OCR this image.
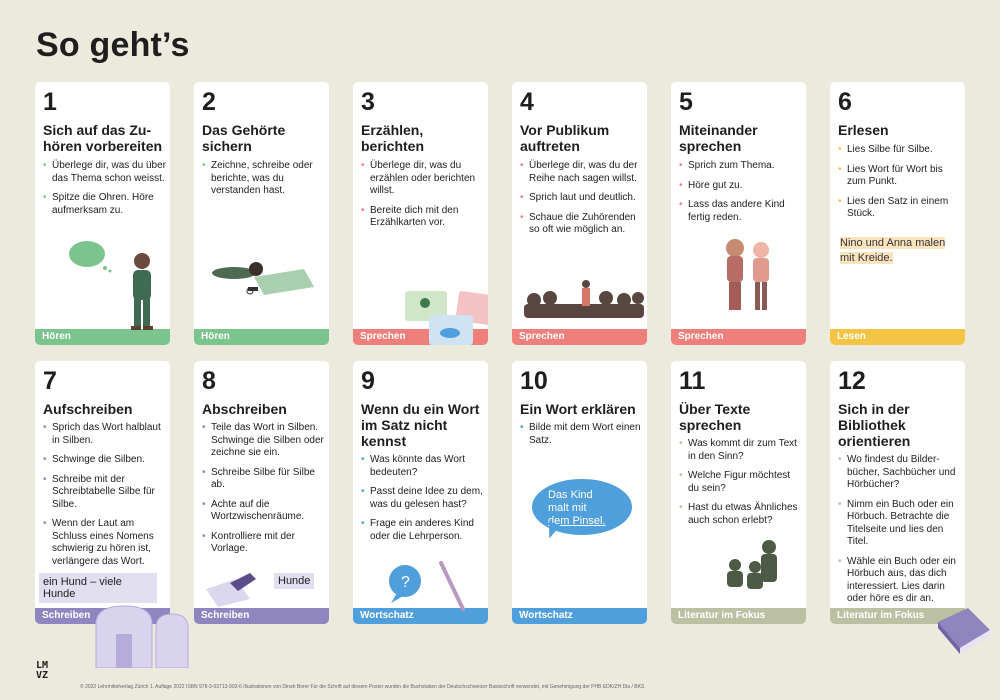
So geht’s
1
Sich auf das Zu-hören vorbereiten
• Überlege dir, was du über das Thema schon weisst.
• Spitze die Ohren. Höre aufmerksam zu.
Hören
2
Das Gehörte sichern
• Zeichne, schreibe oder berichte, was du verstanden hast.
Hören
3
Erzählen, berichten
• Überlege dir, was du erzählen oder berichten willst.
• Bereite dich mit den Erzählkarten vor.
Sprechen
4
Vor Publikum auftreten
• Überlege dir, was du der Reihe nach sagen willst.
• Sprich laut und deutlich.
• Schaue die Zuhörenden so oft wie möglich an.
Sprechen
5
Miteinander sprechen
• Sprich zum Thema.
• Höre gut zu.
• Lass das andere Kind fertig reden.
Sprechen
6
Erlesen
• Lies Silbe für Silbe.
• Lies Wort für Wort bis zum Punkt.
• Lies den Satz in einem Stück.
Lesen
Nino und Anna malen
mit Kreide.
7
Aufschreiben
• Sprich das Wort halblaut in Silben.
• Schwinge die Silben.
• Schreibe mit der Schreibtabelle Silbe für Silbe.
• Wenn der Laut am Schluss eines Nomens schwierig zu hören ist, verlängere das Wort.
Schreiben
ein Hund – viele Hunde
8
Abschreiben
• Teile das Wort in Silben. Schwinge die Silben oder zeichne sie ein.
• Schreibe Silbe für Silbe ab.
• Achte auf die Wortzwischenräume.
• Kontrolliere mit der Vorlage.
Schreiben
Hunde
9
Wenn du ein Wort im Satz nicht kennst
• Was könnte das Wort bedeuten?
• Passt deine Idee zu dem, was du gelesen hast?
• Frage ein anderes Kind oder die Lehrperson.
Wortschatz
?
10
Ein Wort erklären
• Bilde mit dem Wort einen Satz.
Wortschatz
Das Kind
malt mit
dem Pinsel.
11
Über Texte sprechen
• Was kommt dir zum Text in den Sinn?
• Welche Figur möchtest du sein?
• Hast du etwas Ähnliches auch schon erlebt?
Literatur im Fokus
12
Sich in der Bibliothek orientieren
• Wo findest du Bilder-bücher, Sachbücher und Hörbücher?
• Nimm ein Buch oder ein Hörbuch. Betrachte die Titelseite und lies den Titel.
• Wähle ein Buch oder ein Hörbuch aus, das dich interessiert. Lies darin oder höre es dir an.
Literatur im Fokus
LM
VZ
© 2022 Lehrmittelverlag Zürich 1. Auflage 2022 ISBN 978-3-03713-903-6 Illustrationen von Dinah Borer Für die Schrift auf diesem Poster wurden die Buchstaben der Deutschschweizer Basisschrift verwendet, mit Genehmigung der PHB EDK/ZH Dia / BKS
